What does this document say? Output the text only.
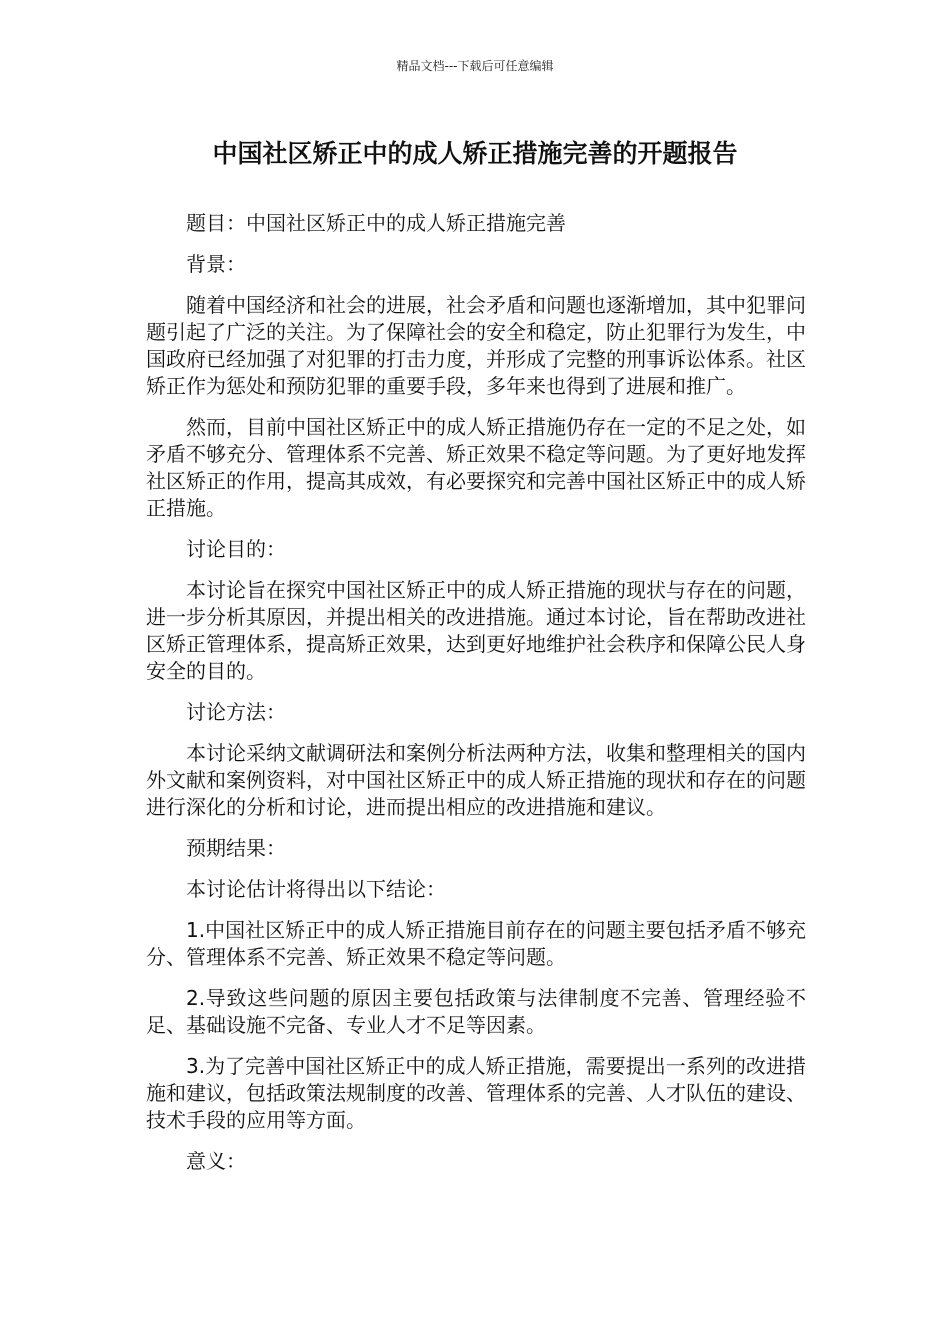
精品文档---下载后可任意编辑
中国社区矫正中的成人矫正措施完善的开题报告

题目：中国社区矫正中的成人矫正措施完善

背景：

随着中国经济和社会的进展，社会矛盾和问题也逐渐增加，其中犯罪问题引起了广泛的关注。为了保障社会的安全和稳定，防止犯罪行为发生，中国政府已经加强了对犯罪的打击力度，并形成了完整的刑事诉讼体系。社区矫正作为惩处和预防犯罪的重要手段，多年来也得到了进展和推广。

然而，目前中国社区矫正中的成人矫正措施仍存在一定的不足之处，如矛盾不够充分、管理体系不完善、矫正效果不稳定等问题。为了更好地发挥社区矫正的作用，提高其成效，有必要探究和完善中国社区矫正中的成人矫正措施。

讨论目的：

本讨论旨在探究中国社区矫正中的成人矫正措施的现状与存在的问题，进一步分析其原因，并提出相关的改进措施。通过本讨论，旨在帮助改进社区矫正管理体系，提高矫正效果，达到更好地维护社会秩序和保障公民人身安全的目的。

讨论方法：

本讨论采纳文献调研法和案例分析法两种方法，收集和整理相关的国内外文献和案例资料，对中国社区矫正中的成人矫正措施的现状和存在的问题进行深化的分析和讨论，进而提出相应的改进措施和建议。

预期结果：

本讨论估计将得出以下结论：

1.中国社区矫正中的成人矫正措施目前存在的问题主要包括矛盾不够充分、管理体系不完善、矫正效果不稳定等问题。

2.导致这些问题的原因主要包括政策与法律制度不完善、管理经验不足、基础设施不完备、专业人才不足等因素。

3.为了完善中国社区矫正中的成人矫正措施，需要提出一系列的改进措施和建议，包括政策法规制度的改善、管理体系的完善、人才队伍的建设、技术手段的应用等方面。

意义：
